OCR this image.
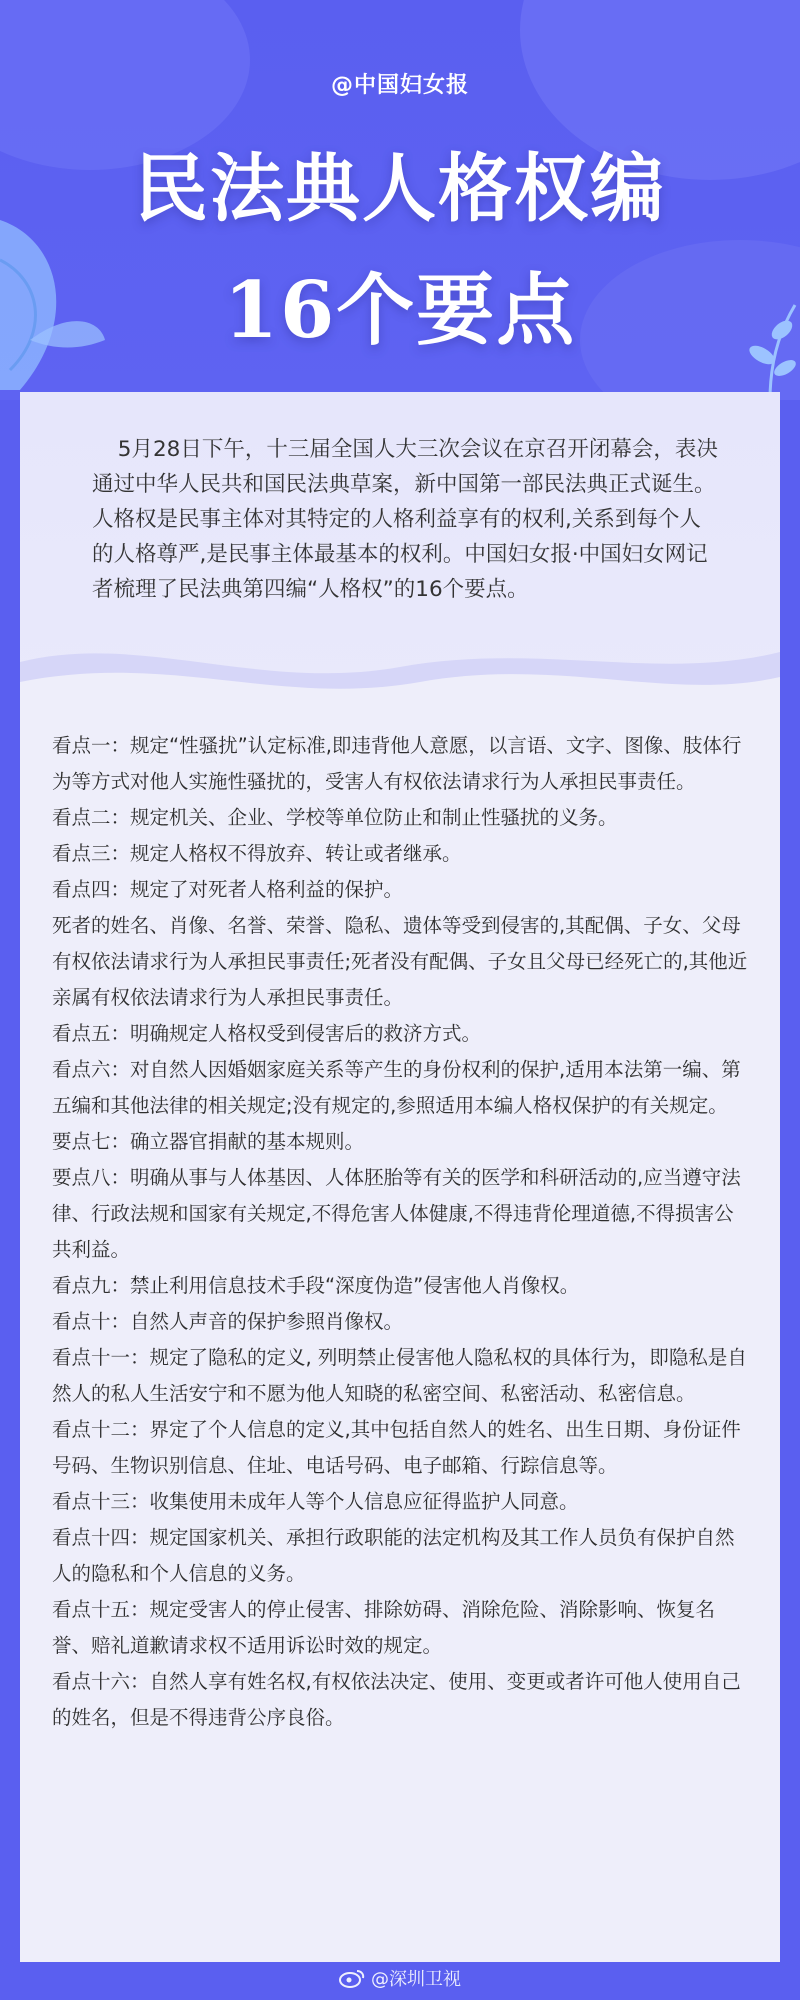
@中国妇女报
民法典人格权编
16个要点

5月28日下午，十三届全国人大三次会议在京召开闭幕会，表决通过中华人民共和国民法典草案，新中国第一部民法典正式诞生。人格权是民事主体对其特定的人格利益享有的权利,关系到每个人的人格尊严,是民事主体最基本的权利。中国妇女报·中国妇女网记者梳理了民法典第四编“人格权”的16个要点。

看点一：规定“性骚扰”认定标准,即违背他人意愿，以言语、文字、图像、肢体行为等方式对他人实施性骚扰的，受害人有权依法请求行为人承担民事责任。
看点二：规定机关、企业、学校等单位防止和制止性骚扰的义务。
看点三：规定人格权不得放弃、转让或者继承。
看点四：规定了对死者人格利益的保护。
死者的姓名、肖像、名誉、荣誉、隐私、遗体等受到侵害的,其配偶、子女、父母有权依法请求行为人承担民事责任;死者没有配偶、子女且父母已经死亡的,其他近亲属有权依法请求行为人承担民事责任。
看点五：明确规定人格权受到侵害后的救济方式。
看点六：对自然人因婚姻家庭关系等产生的身份权利的保护,适用本法第一编、第五编和其他法律的相关规定;没有规定的,参照适用本编人格权保护的有关规定。
要点七：确立器官捐献的基本规则。
要点八：明确从事与人体基因、人体胚胎等有关的医学和科研活动的,应当遵守法律、行政法规和国家有关规定,不得危害人体健康,不得违背伦理道德,不得损害公共利益。
看点九：禁止利用信息技术手段“深度伪造”侵害他人肖像权。
看点十：自然人声音的保护参照肖像权。
看点十一：规定了隐私的定义, 列明禁止侵害他人隐私权的具体行为，即隐私是自然人的私人生活安宁和不愿为他人知晓的私密空间、私密活动、私密信息。
看点十二：界定了个人信息的定义,其中包括自然人的姓名、出生日期、身份证件号码、生物识别信息、住址、电话号码、电子邮箱、行踪信息等。
看点十三：收集使用未成年人等个人信息应征得监护人同意。
看点十四：规定国家机关、承担行政职能的法定机构及其工作人员负有保护自然人的隐私和个人信息的义务。
看点十五：规定受害人的停止侵害、排除妨碍、消除危险、消除影响、恢复名誉、赔礼道歉请求权不适用诉讼时效的规定。
看点十六：自然人享有姓名权,有权依法决定、使用、变更或者许可他人使用自己的姓名，但是不得违背公序良俗。
@深圳卫视
